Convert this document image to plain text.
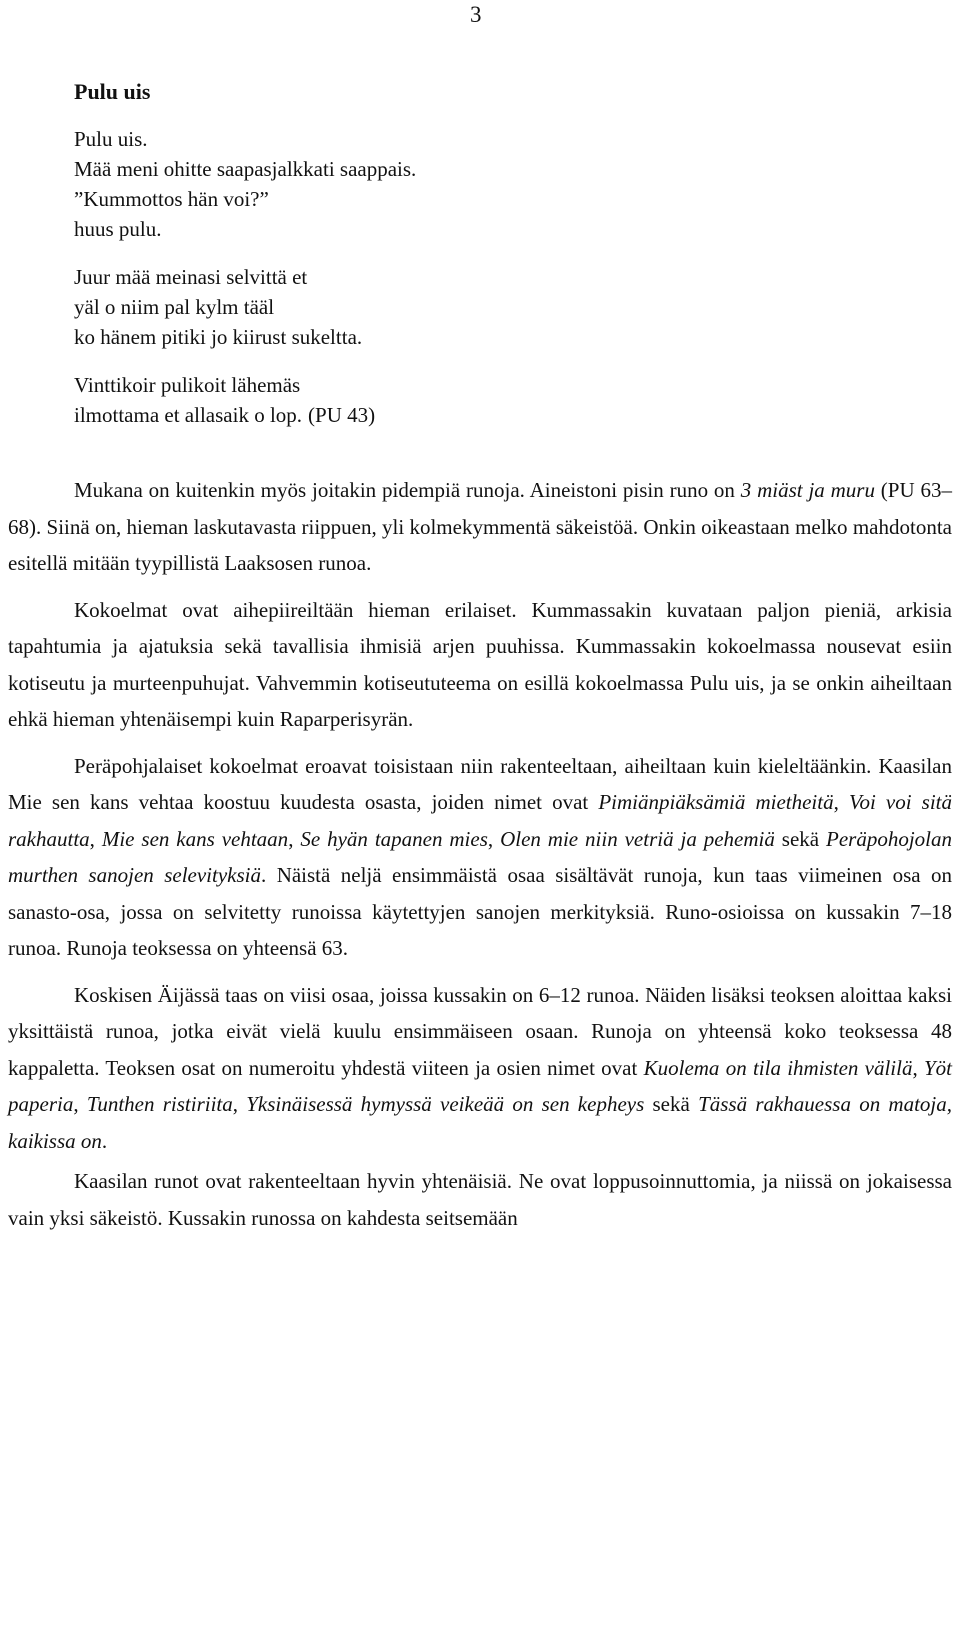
3
Pulu uis
Pulu uis.
Mää meni ohitte saapasjalkkati saappais.
”Kummottos hän voi?”
huus pulu.
Juur mää meinasi selvittä et
yäl o niim pal kylm tääl
ko hänem pitiki jo kiirust sukeltta.
Vinttikoir pulikoit lähemäs
ilmottama et allasaik o lop. (PU 43)

Mukana on kuitenkin myös joitakin pidempiä runoja. Aineistoni pisin runo on 3 miäst ja muru (PU 63–68). Siinä on, hieman laskutavasta riippuen, yli kolmekymmentä säkeistöä. Onkin oikeastaan melko mahdotonta esitellä mitään tyypillistä Laaksosen runoa.

Kokoelmat ovat aihepiireiltään hieman erilaiset. Kummassakin kuvataan paljon pieniä, arkisia tapahtumia ja ajatuksia sekä tavallisia ihmisiä arjen puuhissa. Kummassakin kokoelmassa nousevat esiin kotiseutu ja murteenpuhujat. Vahvemmin kotiseututeema on esillä kokoelmassa Pulu uis, ja se onkin aiheiltaan ehkä hieman yhtenäisempi kuin Raparperisyrän.

Peräpohjalaiset kokoelmat eroavat toisistaan niin rakenteeltaan, aiheiltaan kuin kieleltäänkin. Kaasilan Mie sen kans vehtaa koostuu kuudesta osasta, joiden nimet ovat Pimiänpiäksämiä mietheitä, Voi voi sitä rakhautta, Mie sen kans vehtaan, Se hyän tapanen mies, Olen mie niin vetriä ja pehemiä sekä Peräpohojolan murthen sanojen selevityksiä. Näistä neljä ensimmäistä osaa sisältävät runoja, kun taas viimeinen osa on sanasto-osa, jossa on selvitetty runoissa käytettyjen sanojen merkityksiä. Runo-osioissa on kussakin 7–18 runoa. Runoja teoksessa on yhteensä 63.

Koskisen Äijässä taas on viisi osaa, joissa kussakin on 6–12 runoa. Näiden lisäksi teoksen aloittaa kaksi yksittäistä runoa, jotka eivät vielä kuulu ensimmäiseen osaan. Runoja on yhteensä koko teoksessa 48 kappaletta. Teoksen osat on numeroitu yhdestä viiteen ja osien nimet ovat Kuolema on tila ihmisten välilä, Yöt paperia, Tunthen ristiriita, Yksinäisessä hymyssä veikeää on sen kepheys sekä Tässä rakhauessa on matoja, kaikissa on.

Kaasilan runot ovat rakenteeltaan hyvin yhtenäisiä. Ne ovat loppusoinnuttomia, ja niissä on jokaisessa vain yksi säkeistö. Kussakin runossa on kahdesta seitsemään
